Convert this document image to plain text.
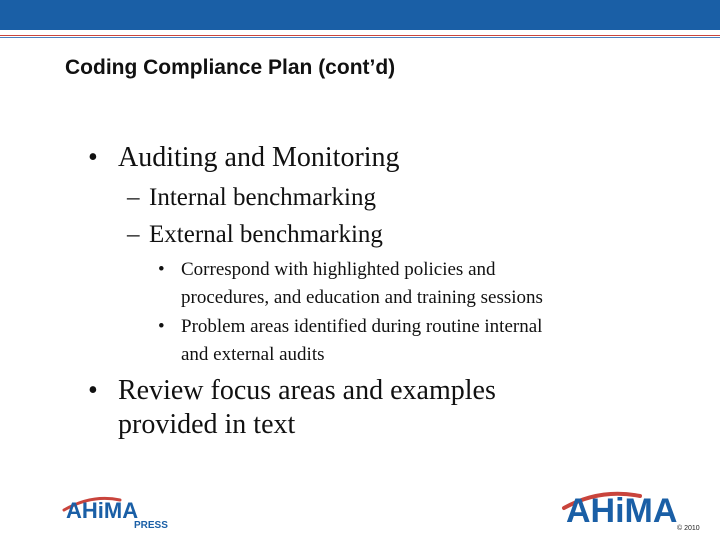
Coding Compliance Plan (cont’d)
• Auditing and Monitoring
– Internal benchmarking
– External benchmarking
• Correspond with highlighted policies and
procedures, and education and training sessions
• Problem areas identified during routine internal
and external audits
• Review focus areas and examples
provided in text
AHiMA
PRESS	AHiMA © 2010
